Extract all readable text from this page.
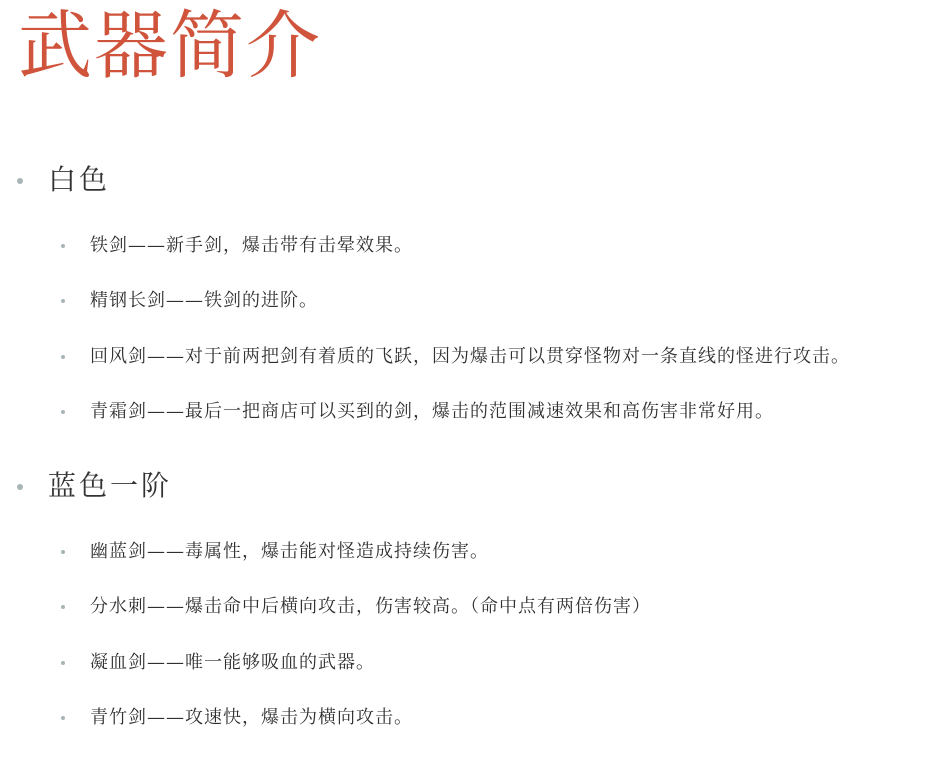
武器简介
白色
铁剑——新手剑，爆击带有击晕效果。
精钢长剑——铁剑的进阶。
回风剑——对于前两把剑有着质的飞跃，因为爆击可以贯穿怪物对一条直线的怪进行攻击。
青霜剑——最后一把商店可以买到的剑，爆击的范围减速效果和高伤害非常好用。
蓝色一阶
幽蓝剑——毒属性，爆击能对怪造成持续伤害。
分水刺——爆击命中后横向攻击，伤害较高。（命中点有两倍伤害）
凝血剑——唯一能够吸血的武器。
青竹剑——攻速快，爆击为横向攻击。
